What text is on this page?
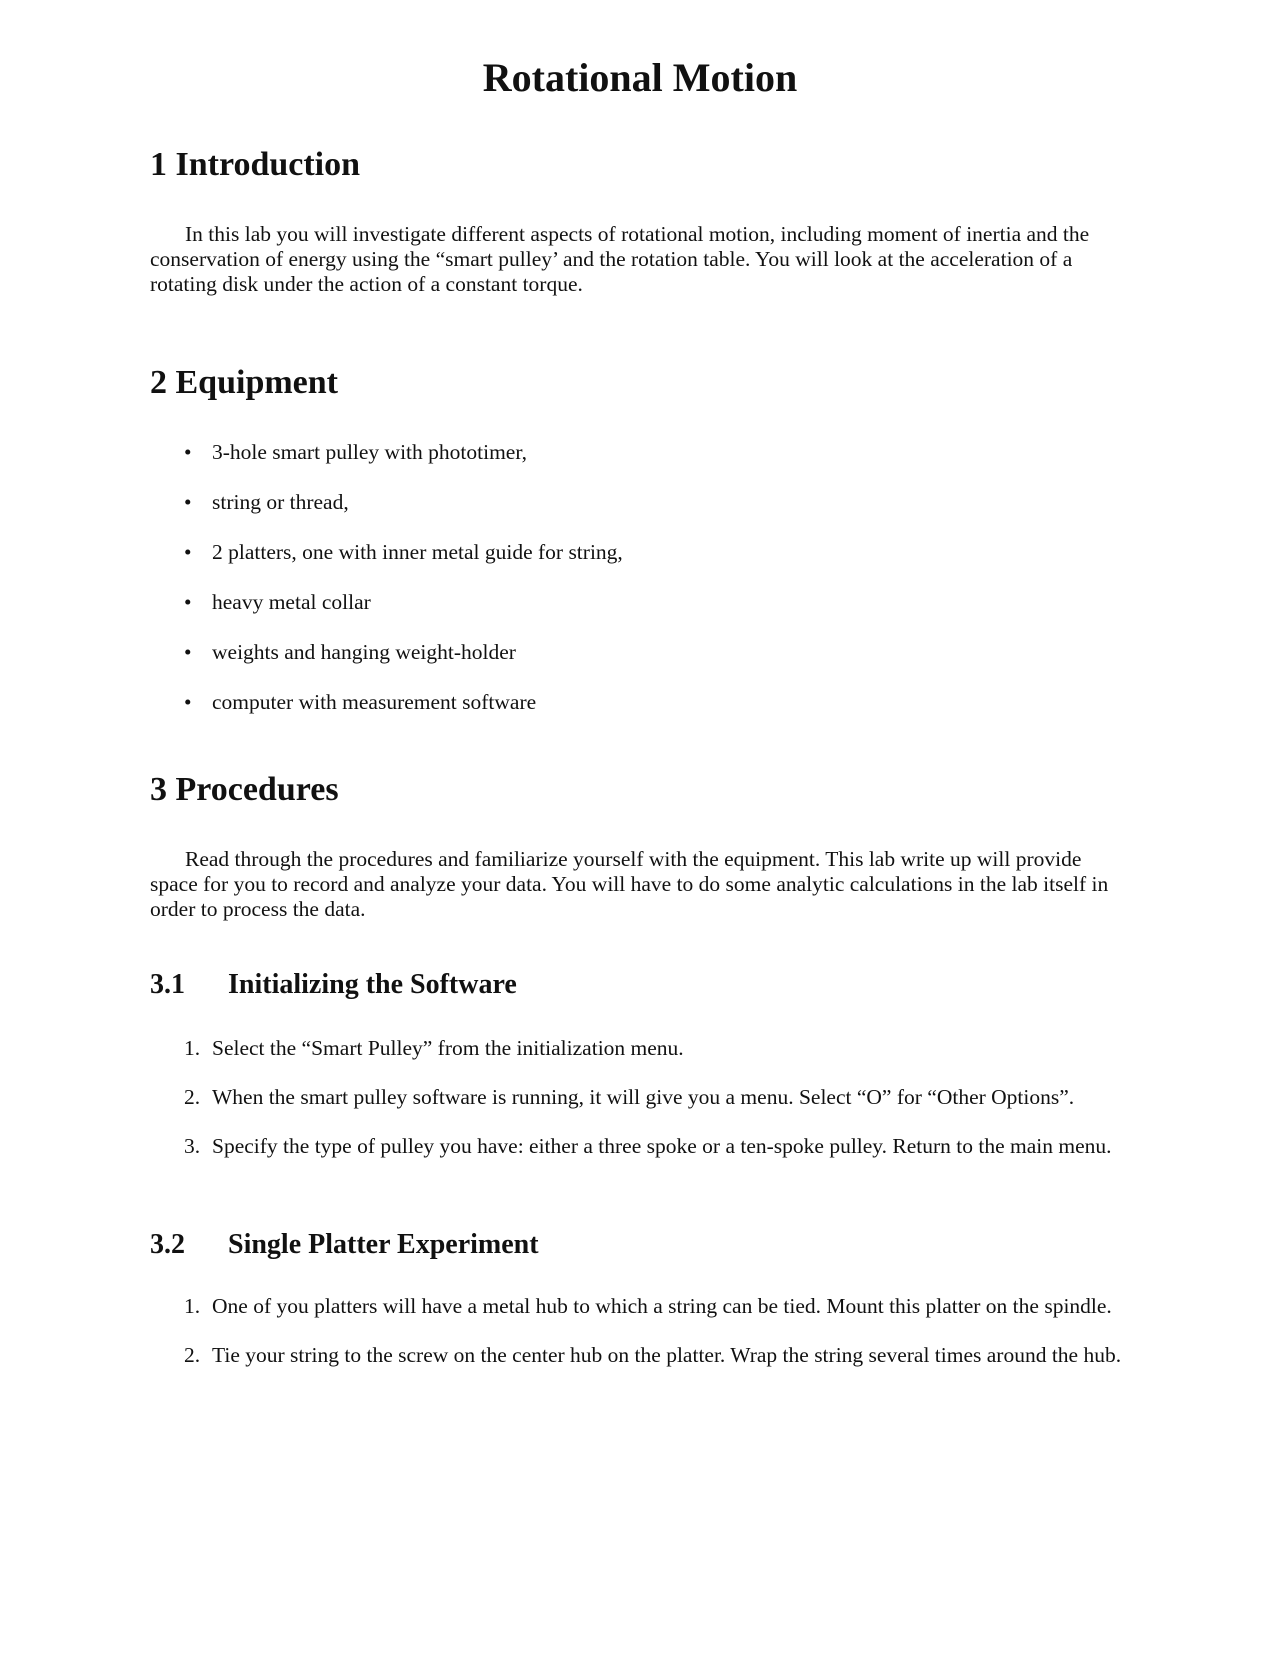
Rotational Motion
1 Introduction

In this lab you will investigate different aspects of rotational motion, including moment of inertia and the conservation of energy using the “smart pulley’ and the rotation table. You will look at the acceleration of a rotating disk under the action of a constant torque.

2 Equipment
• 3-hole smart pulley with phototimer,
• string or thread,
• 2 platters, one with inner metal guide for string,
• heavy metal collar
• weights and hanging weight-holder
• computer with measurement software
3 Procedures

Read through the procedures and familiarize yourself with the equipment. This lab write up will provide space for you to record and analyze your data. You will have to do some analytic calculations in the lab itself in order to process the data.

3.1 Initializing the Software
1. Select the “Smart Pulley” from the initialization menu.
2. When the smart pulley software is running, it will give you a menu. Select “O” for “Other Options”.
3. Specify the type of pulley you have: either a three spoke or a ten-spoke pulley. Return to the main menu.
3.2 Single Platter Experiment
1. One of you platters will have a metal hub to which a string can be tied. Mount this platter on the spindle.
2. Tie your string to the screw on the center hub on the platter. Wrap the string several times around the hub.
